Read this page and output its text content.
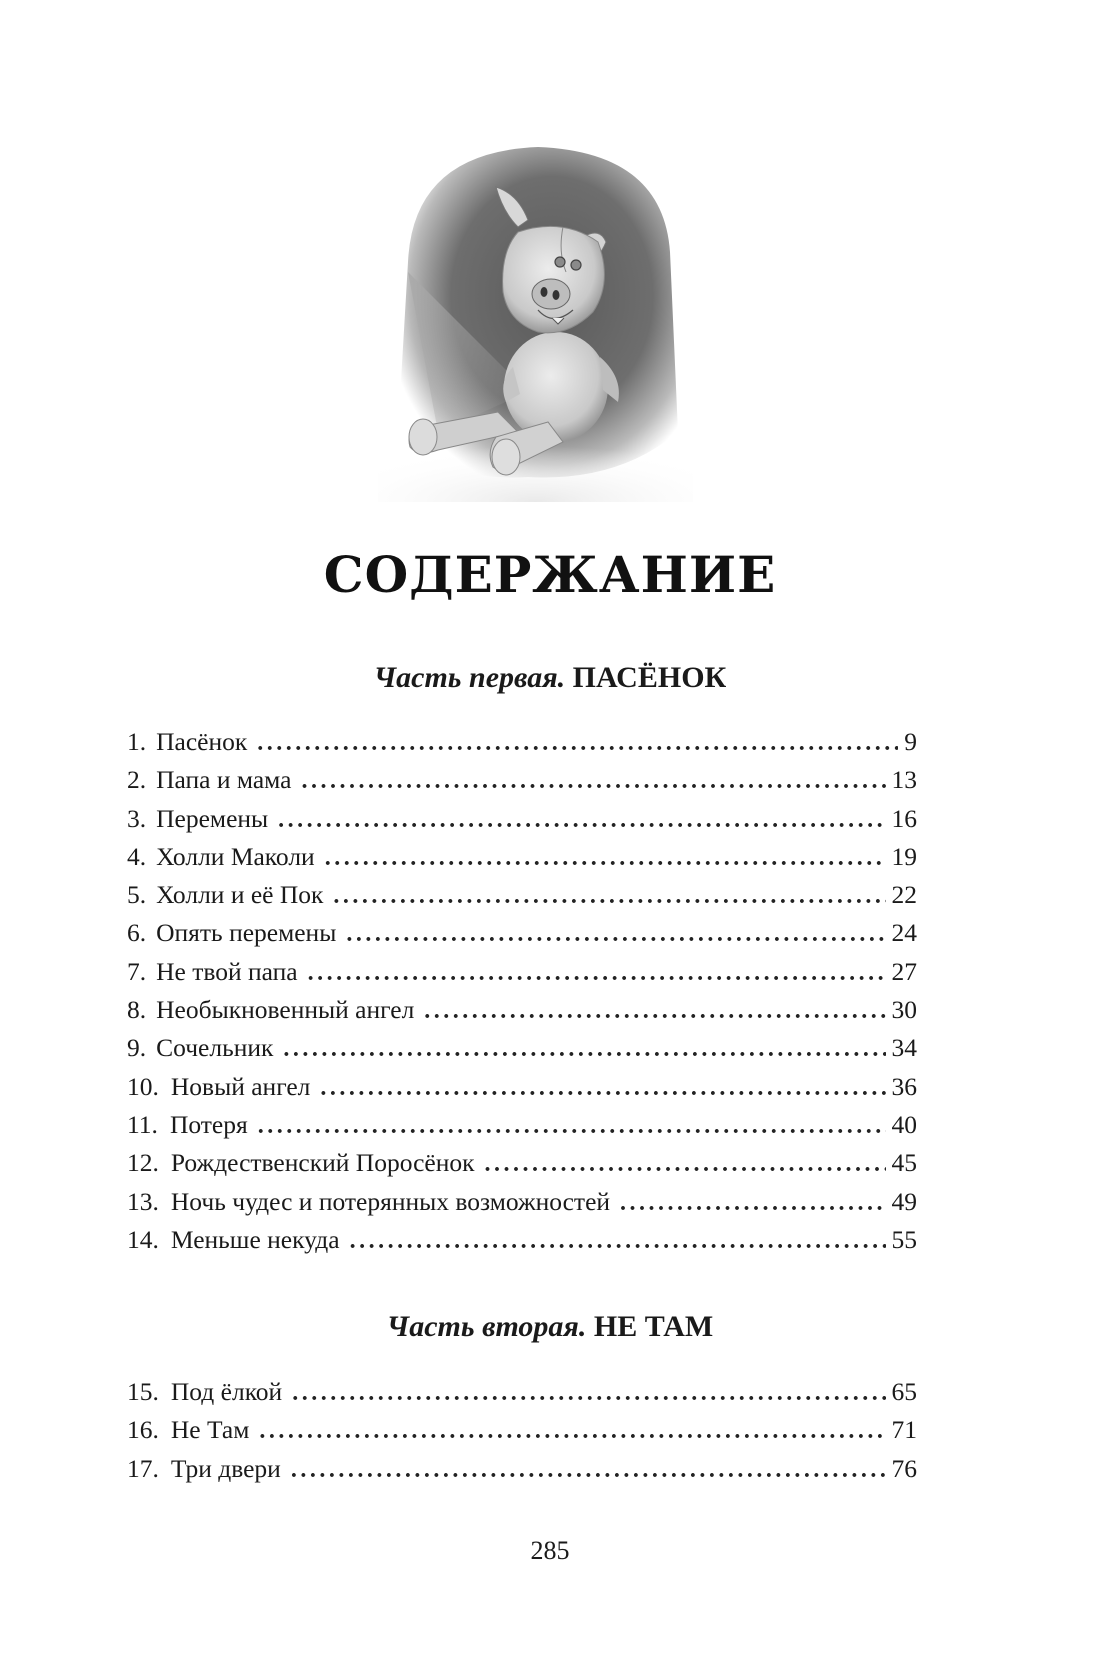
СОДЕРЖАНИЕ
Часть первая. ПАСЁНОК
1. Пасёнок . . .	9
2. Папа и мама . . .	13
3. Перемены . . .	16
4. Холли Маколи . . .	19
5. Холли и её Пок . . .	22
6. Опять перемены . . .	24
7. Не твой папа . . .	27
8. Необыкновенный ангел . . .	30
9. Сочельник . . .	34
10. Новый ангел . . .	36
11. Потеря . . .	40
12. Рождественский Поросёнок . . .	45
13. Ночь чудес и потерянных возможностей . . .	49
14. Меньше некуда . . .	55
Часть вторая. НЕ ТАМ
15. Под ёлкой . . .	65
16. Не Там . . .	71
17. Три двери . . .	76
285
